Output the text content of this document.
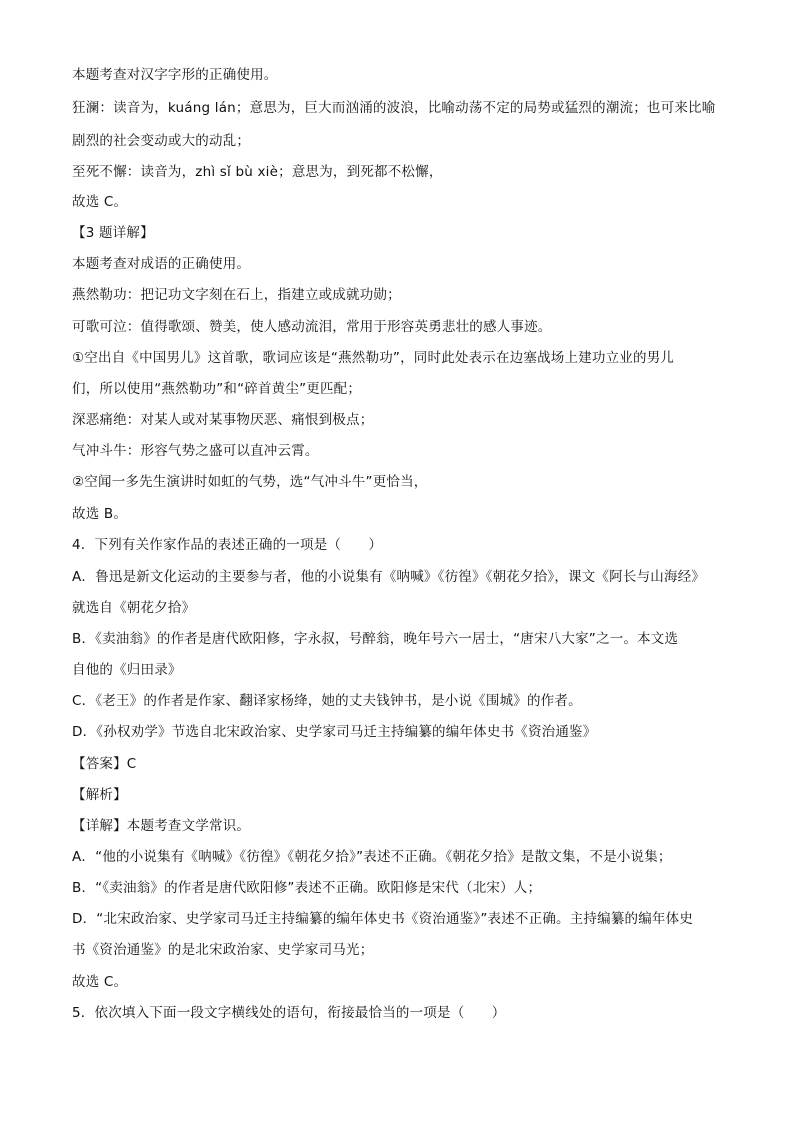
本题考查对汉字字形的正确使用。
狂澜：读音为，kuáng lán；意思为，巨大而汹涌的波浪，比喻动荡不定的局势或猛烈的潮流；也可来比喻
剧烈的社会变动或大的动乱；
至死不懈：读音为，zhì sǐ bù xiè；意思为，到死都不松懈，
故选 C。
【3 题详解】
本题考查对成语的正确使用。
燕然勒功：把记功文字刻在石上，指建立或成就功勋；
可歌可泣：值得歌颂、赞美，使人感动流泪，常用于形容英勇悲壮的感人事迹。
①空出自《中国男儿》这首歌，歌词应该是“燕然勒功”，同时此处表示在边塞战场上建功立业的男儿
们，所以使用“燕然勒功”和“碎首黄尘”更匹配；
深恶痛绝：对某人或对某事物厌恶、痛恨到极点；
气冲斗牛：形容气势之盛可以直冲云霄。
②空闻一多先生演讲时如虹的气势，选“气冲斗牛”更恰当，
故选 B。
4．下列有关作家作品的表述正确的一项是（　　）
A．鲁迅是新文化运动的主要参与者，他的小说集有《呐喊》《彷徨》《朝花夕拾》，课文《阿长与山海经》
就选自《朝花夕拾》
B．《卖油翁》的作者是唐代欧阳修，字永叔，号醉翁，晚年号六一居士，“唐宋八大家”之一。本文选
自他的《归田录》
C．《老王》的作者是作家、翻译家杨绛，她的丈夫钱钟书，是小说《围城》的作者。
D．《孙权劝学》节选自北宋政治家、史学家司马迁主持编纂的编年体史书《资治通鉴》
【答案】C
【解析】
【详解】本题考查文学常识。
A．“他的小说集有《呐喊》《彷徨》《朝花夕拾》”表述不正确。《朝花夕拾》是散文集，不是小说集；
B．“《卖油翁》的作者是唐代欧阳修”表述不正确。欧阳修是宋代（北宋）人；
D．“北宋政治家、史学家司马迁主持编纂的编年体史书《资治通鉴》”表述不正确。主持编纂的编年体史
书《资治通鉴》的是北宋政治家、史学家司马光；
故选 C。
5．依次填入下面一段文字横线处的语句，衔接最恰当的一项是（　　）
